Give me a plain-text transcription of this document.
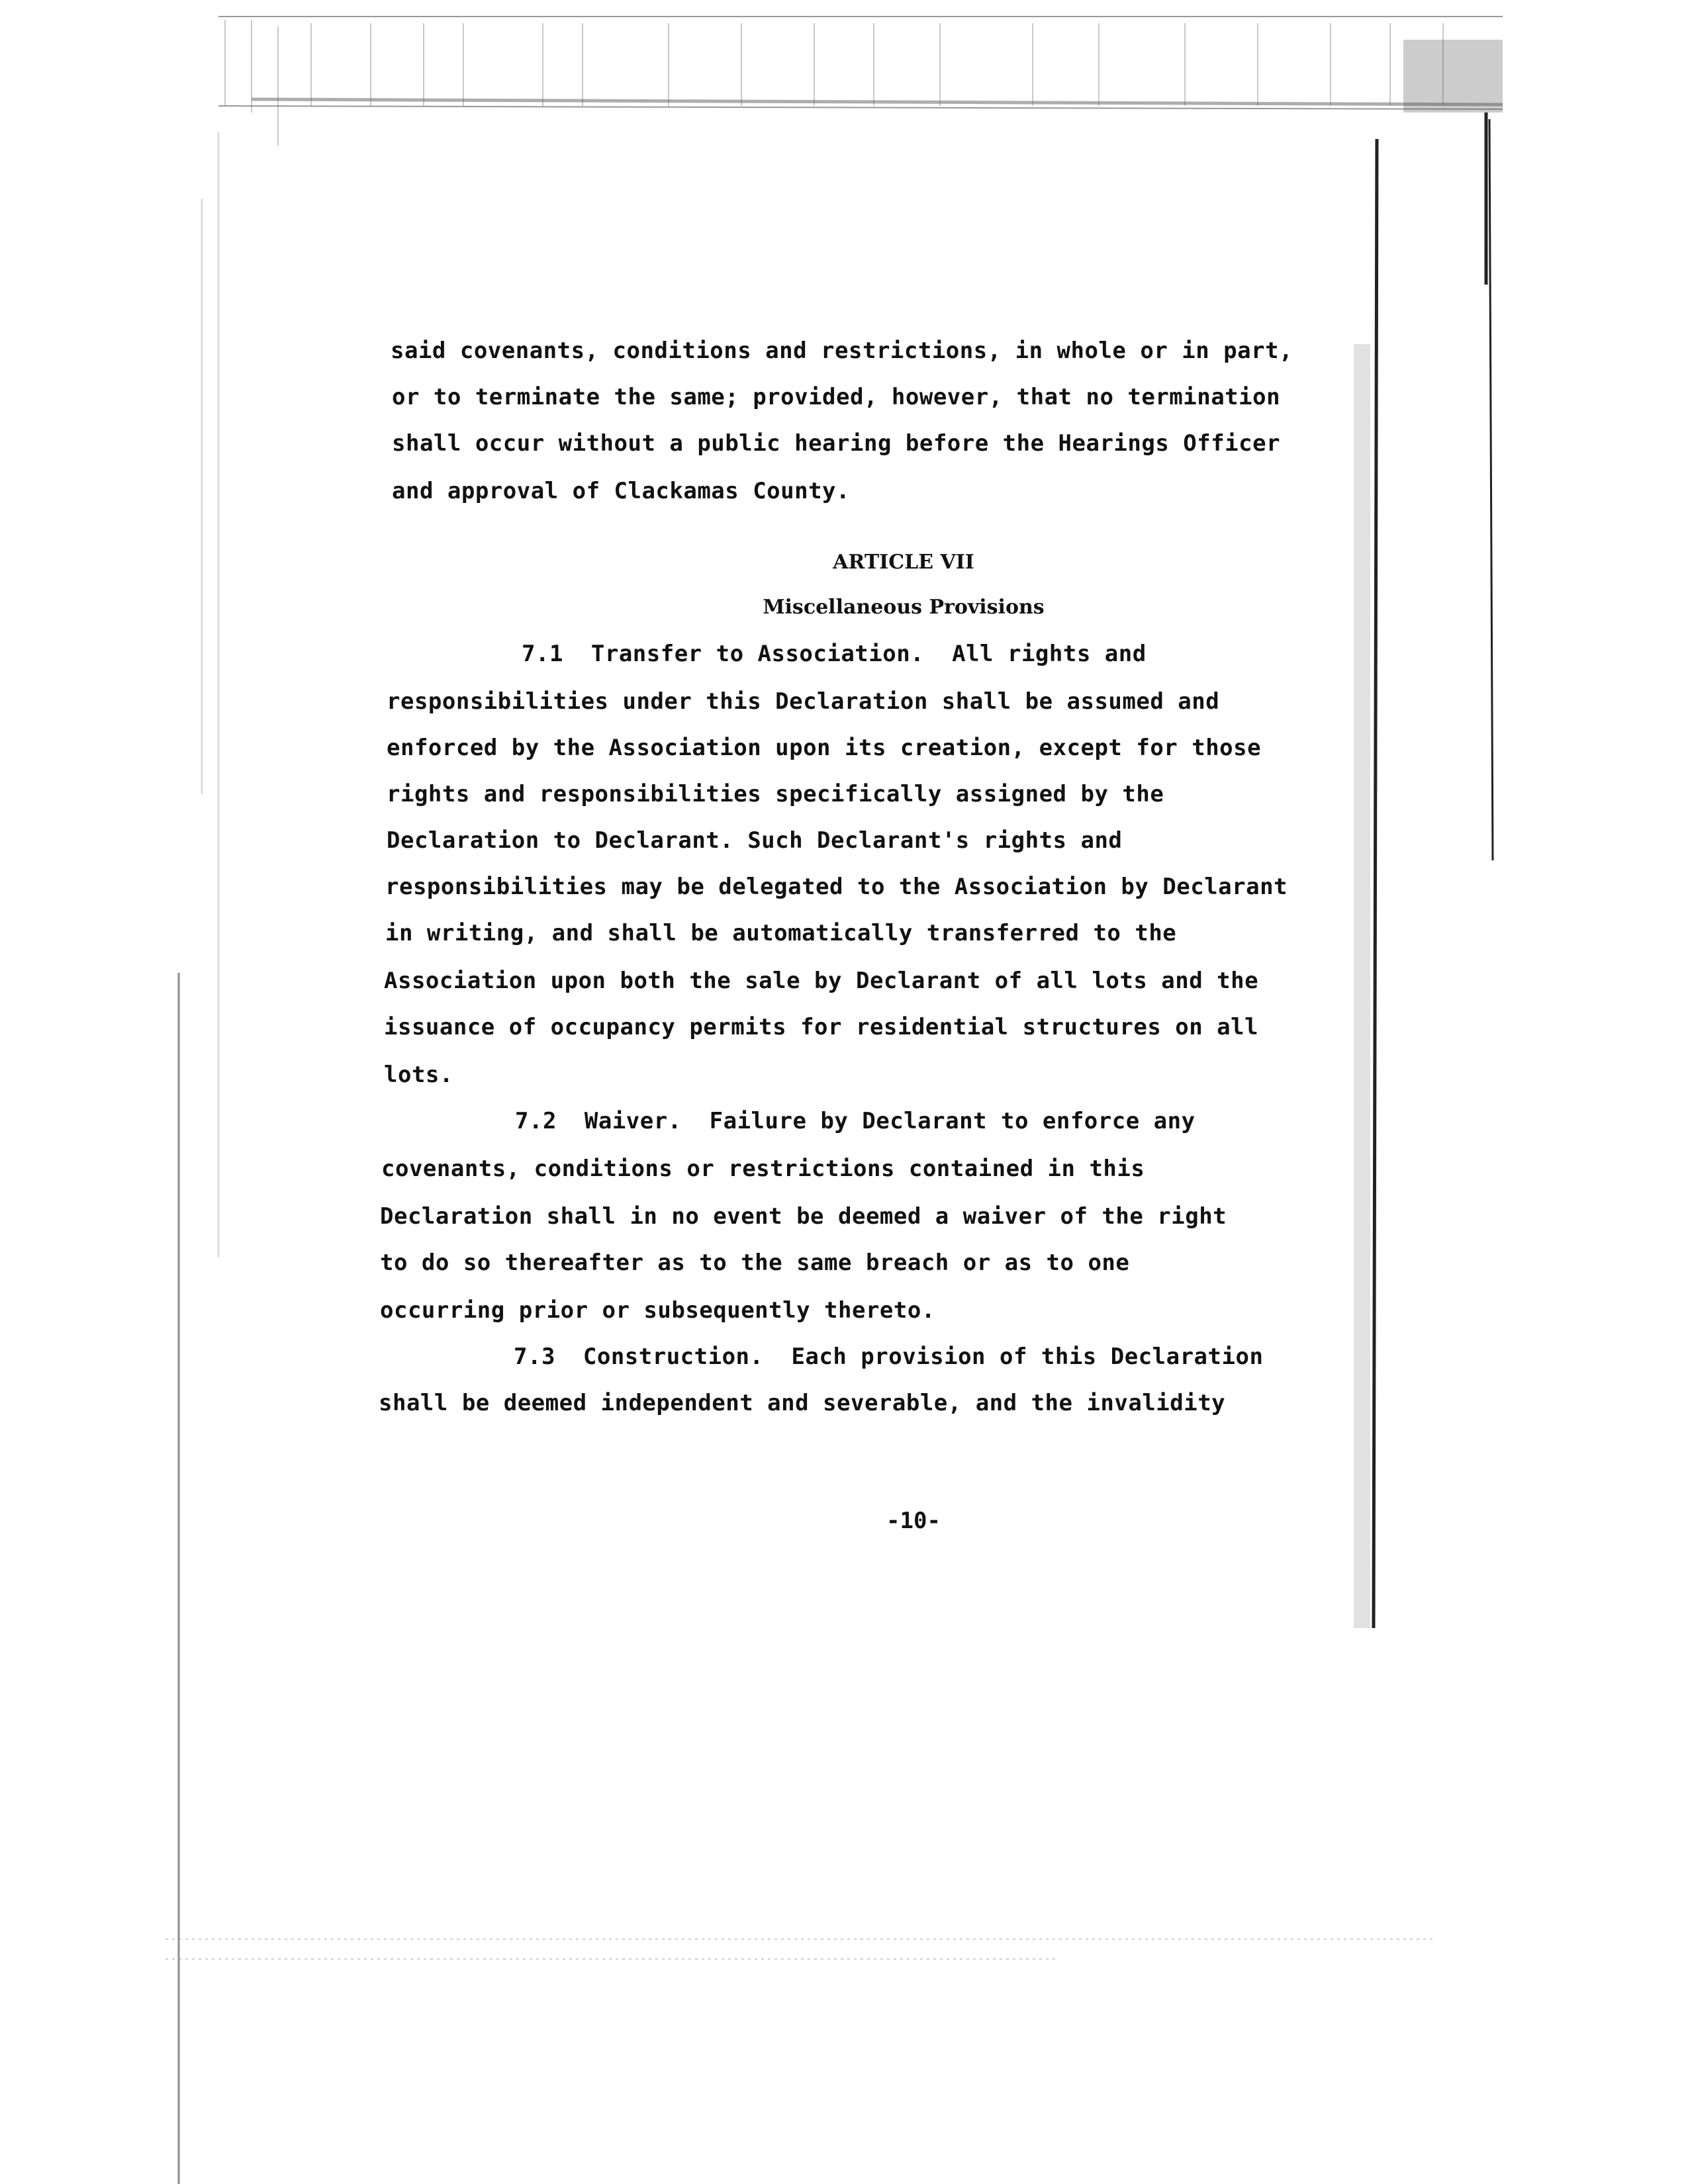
said covenants, conditions and restrictions, in whole or in part,
or to terminate the same; provided, however, that no termination
shall occur without a public hearing before the Hearings Officer
and approval of Clackamas County.
ARTICLE VII
Miscellaneous Provisions
7.1 Transfer to Association. All rights and
responsibilities under this Declaration shall be assumed and
enforced by the Association upon its creation, except for those
rights and responsibilities specifically assigned by the
Declaration to Declarant. Such Declarant's rights and
responsibilities may be delegated to the Association by Declarant
in writing, and shall be automatically transferred to the
Association upon both the sale by Declarant of all lots and the
issuance of occupancy permits for residential structures on all
lots.
7.2 Waiver. Failure by Declarant to enforce any
covenants, conditions or restrictions contained in this
Declaration shall in no event be deemed a waiver of the right
to do so thereafter as to the same breach or as to one
occurring prior or subsequently thereto.
7.3 Construction. Each provision of this Declaration
shall be deemed independent and severable, and the invalidity
-10-
